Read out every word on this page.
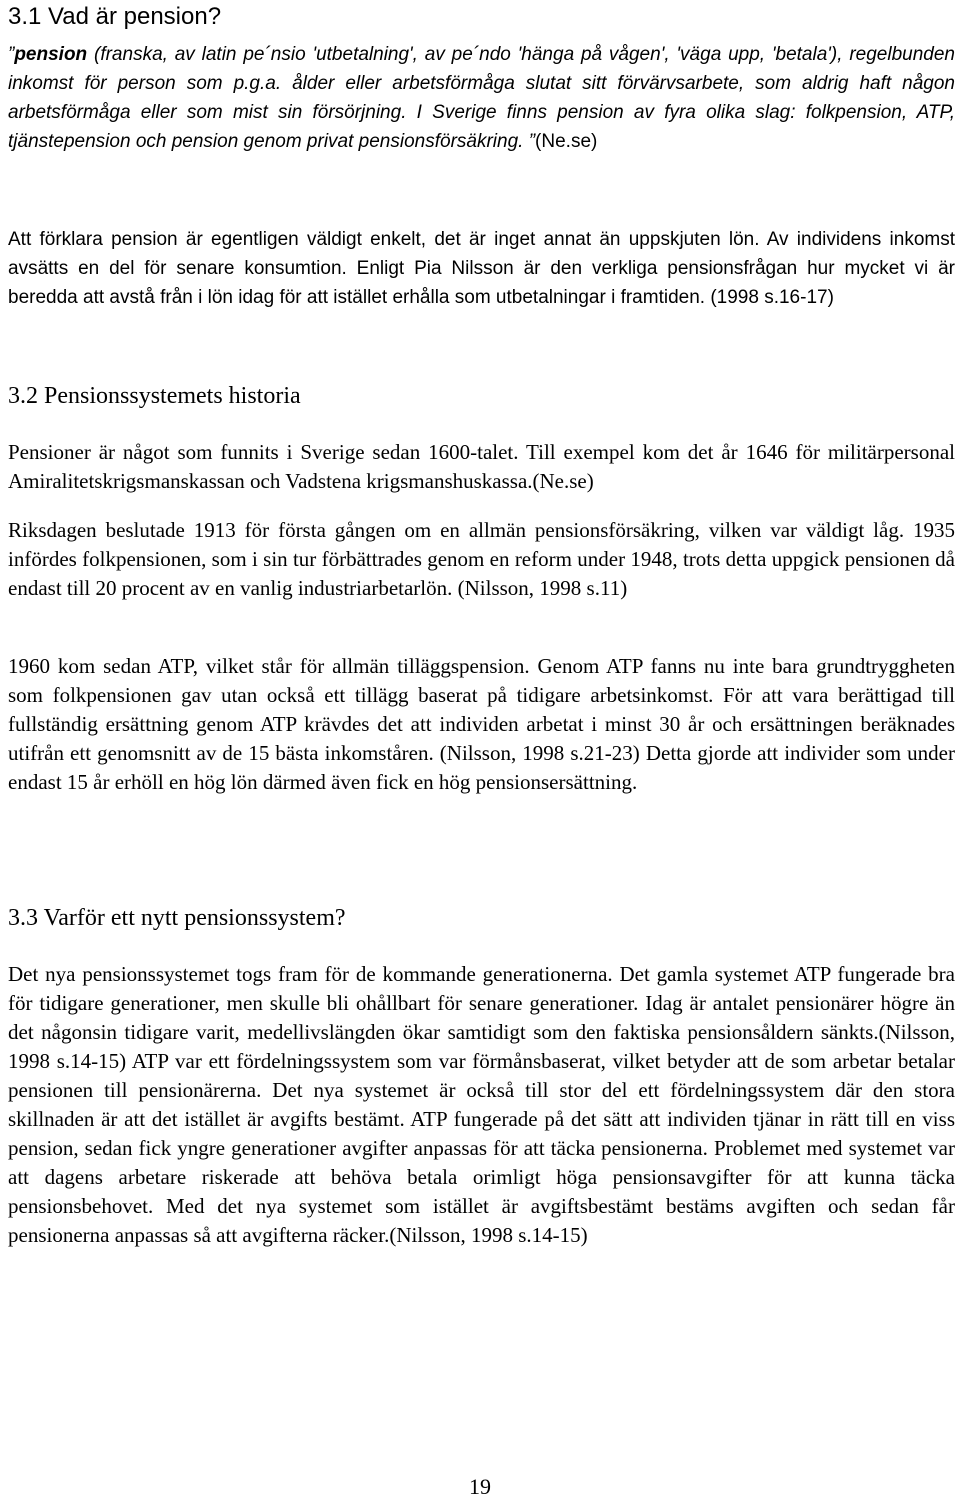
3.1 Vad är pension?

”pension (franska, av latin pe´nsio 'utbetalning', av pe´ndo 'hänga på vågen', 'väga upp, 'betala'), regelbunden inkomst för person som p.g.a. ålder eller arbetsförmåga slutat sitt förvärvsarbete, som aldrig haft någon arbetsförmåga eller som mist sin försörjning. I Sverige finns pension av fyra olika slag: folkpension, ATP, tjänstepension och pension genom privat pensionsförsäkring. ”(Ne.se)

Att förklara pension är egentligen väldigt enkelt, det är inget annat än uppskjuten lön. Av individens inkomst avsätts en del för senare konsumtion. Enligt Pia Nilsson är den verkliga pensionsfrågan hur mycket vi är beredda att avstå från i lön idag för att istället erhålla som utbetalningar i framtiden. (1998 s.16-17)

3.2 Pensionssystemets historia

Pensioner är något som funnits i Sverige sedan 1600-talet. Till exempel kom det år 1646 för militärpersonal Amiralitetskrigsmanskassan och Vadstena krigsmanshuskassa.(Ne.se)

Riksdagen beslutade 1913 för första gången om en allmän pensionsförsäkring, vilken var väldigt låg. 1935 infördes folkpensionen, som i sin tur förbättrades genom en reform under 1948, trots detta uppgick pensionen då endast till 20 procent av en vanlig industriarbetarlön. (Nilsson, 1998 s.11)

1960 kom sedan ATP, vilket står för allmän tilläggspension. Genom ATP fanns nu inte bara grundtryggheten som folkpensionen gav utan också ett tillägg baserat på tidigare arbetsinkomst. För att vara berättigad till fullständig ersättning genom ATP krävdes det att individen arbetat i minst 30 år och ersättningen beräknades utifrån ett genomsnitt av de 15 bästa inkomståren. (Nilsson, 1998 s.21-23) Detta gjorde att individer som under endast 15 år erhöll en hög lön därmed även fick en hög pensionsersättning.

3.3 Varför ett nytt pensionssystem?

Det nya pensionssystemet togs fram för de kommande generationerna. Det gamla systemet ATP fungerade bra för tidigare generationer, men skulle bli ohållbart för senare generationer. Idag är antalet pensionärer högre än det någonsin tidigare varit, medellivslängden ökar samtidigt som den faktiska pensionsåldern sänkts.(Nilsson, 1998 s.14-15) ATP var ett fördelningssystem som var förmånsbaserat, vilket betyder att de som arbetar betalar pensionen till pensionärerna. Det nya systemet är också till stor del ett fördelningssystem där den stora skillnaden är att det istället är avgifts bestämt. ATP fungerade på det sätt att individen tjänar in rätt till en viss pension, sedan fick yngre generationer avgifter anpassas för att täcka pensionerna. Problemet med systemet var att dagens arbetare riskerade att behöva betala orimligt höga pensionsavgifter för att kunna täcka pensionsbehovet. Med det nya systemet som istället är avgiftsbestämt bestäms avgiften och sedan får pensionerna anpassas så att avgifterna räcker.(Nilsson, 1998 s.14-15)

19
